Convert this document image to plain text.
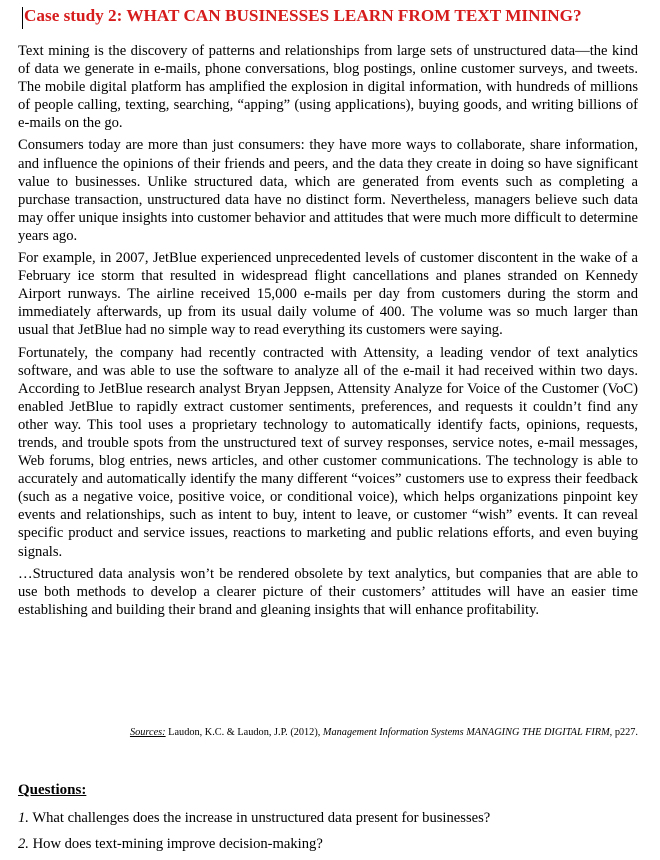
Case study 2: WHAT CAN BUSINESSES LEARN FROM TEXT MINING?

Text mining is the discovery of patterns and relationships from large sets of unstructured data—the kind of data we generate in e-mails, phone conversations, blog postings, online customer surveys, and tweets. The mobile digital platform has amplified the explosion in digital information, with hundreds of millions of people calling, texting, searching, “apping” (using applications), buying goods, and writing billions of e-mails on the go.

Consumers today are more than just consumers: they have more ways to collaborate, share information, and influence the opinions of their friends and peers, and the data they create in doing so have significant value to businesses. Unlike structured data, which are generated from events such as completing a purchase transaction, unstructured data have no distinct form. Nevertheless, managers believe such data may offer unique insights into customer behavior and attitudes that were much more difficult to determine years ago.

For example, in 2007, JetBlue experienced unprecedented levels of customer discontent in the wake of a February ice storm that resulted in widespread flight cancellations and planes stranded on Kennedy Airport runways. The airline received 15,000 e-mails per day from customers during the storm and immediately afterwards, up from its usual daily volume of 400. The volume was so much larger than usual that JetBlue had no simple way to read everything its customers were saying.

Fortunately, the company had recently contracted with Attensity, a leading vendor of text analytics software, and was able to use the software to analyze all of the e-mail it had received within two days. According to JetBlue research analyst Bryan Jeppsen, Attensity Analyze for Voice of the Customer (VoC) enabled JetBlue to rapidly extract customer sentiments, preferences, and requests it couldn’t find any other way. This tool uses a proprietary technology to automatically identify facts, opinions, requests, trends, and trouble spots from the unstructured text of survey responses, service notes, e-mail messages, Web forums, blog entries, news articles, and other customer communications. The technology is able to accurately and automatically identify the many different “voices” customers use to express their feedback (such as a negative voice, positive voice, or conditional voice), which helps organizations pinpoint key events and relationships, such as intent to buy, intent to leave, or customer “wish” events. It can reveal specific product and service issues, reactions to marketing and public relations efforts, and even buying signals.

…Structured data analysis won’t be rendered obsolete by text analytics, but companies that are able to use both methods to develop a clearer picture of their customers’ attitudes will have an easier time establishing and building their brand and gleaning insights that will enhance profitability.

Sources: Laudon, K.C. & Laudon, J.P. (2012), Management Information Systems MANAGING THE DIGITAL FIRM, p227.
Questions:
1. What challenges does the increase in unstructured data present for businesses?
2. How does text-mining improve decision-making?
